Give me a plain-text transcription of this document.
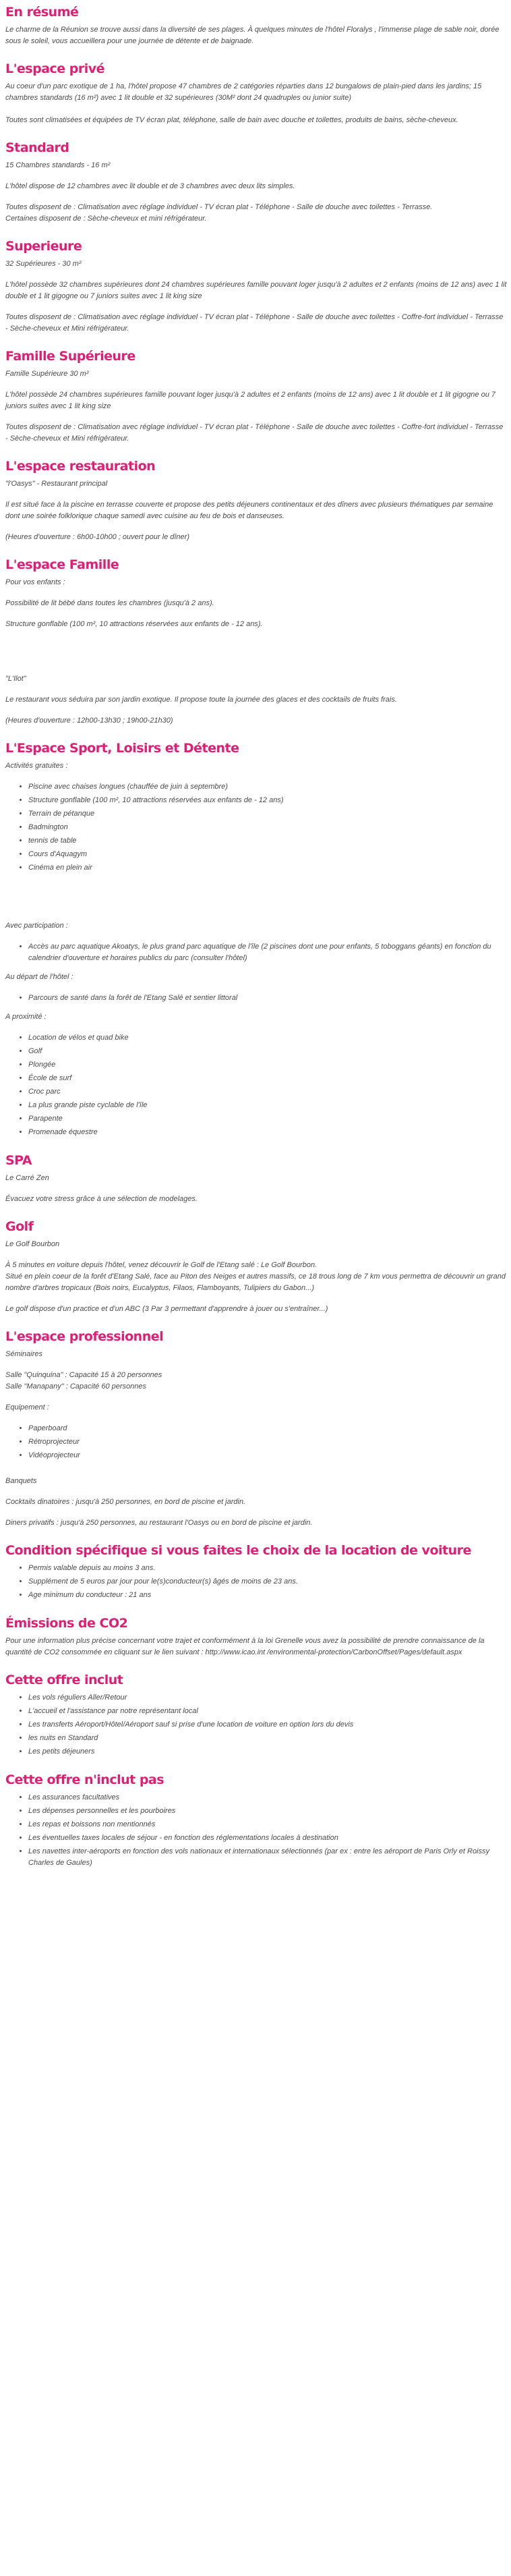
En résumé

Le charme de la Réunion se trouve aussi dans la diversité de ses plages. À quelques minutes de l'hôtel Floralys , l'immense plage de sable noir, dorée sous le soleil, vous accueillera pour une journée de détente et de baignade.

L'espace privé

Au coeur d'un parc exotique de 1 ha, l'hôtel propose 47 chambres de 2 catégories réparties dans 12 bungalows de plain-pied dans les jardins; 15 chambres standards (16 m²) avec 1 lit double et 32 supérieures (30M² dont 24 quadruples ou junior suite)

Toutes sont climatisées et équipées de TV écran plat, téléphone, salle de bain avec douche et toilettes, produits de bains, sèche-cheveux.

Standard

15 Chambres standards - 16 m²

L'hôtel dispose de 12 chambres avec lit double et de 3 chambres avec deux lits simples.

Toutes disposent de : Climatisation avec réglage individuel - TV écran plat - Téléphone - Salle de douche avec toilettes - Terrasse.

Certaines disposent de : Sèche-cheveux et mini réfrigérateur.

Superieure

32 Supérieures - 30 m²

L'hôtel possède 32 chambres supérieures dont 24 chambres supérieures famille pouvant loger jusqu'à 2 adultes et 2 enfants (moins de 12 ans) avec 1 lit double et 1 lit gigogne ou 7 juniors suites avec 1 lit king size

Toutes disposent de : Climatisation avec réglage individuel - TV écran plat - Téléphone - Salle de douche avec toilettes - Coffre-fort individuel - Terrasse - Sèche-cheveux et Mini réfrigérateur.

Famille Supérieure

Famille Supérieure 30 m²

L'hôtel possède 24 chambres supérieures famille pouvant loger jusqu'à 2 adultes et 2 enfants (moins de 12 ans) avec 1 lit double et 1 lit gigogne ou 7 juniors suites avec 1 lit king size

Toutes disposent de : Climatisation avec réglage individuel - TV écran plat - Téléphone - Salle de douche avec toilettes - Coffre-fort individuel - Terrasse - Sèche-cheveux et Mini réfrigérateur.

L'espace restauration

"l'Oasys" - Restaurant principal

Il est situé face à la piscine en terrasse couverte et propose des petits déjeuners continentaux et des dîners avec plusieurs thématiques par semaine dont une soirée folklorique chaque samedi avec cuisine au feu de bois et danseuses.

(Heures d'ouverture : 6h00-10h00 ; ouvert pour le dîner)

L'espace Famille

Pour vos enfants :

Possibilité de lit bébé dans toutes les chambres (jusqu'à 2 ans).

Structure gonflable (100 m², 10 attractions réservées aux enfants de - 12 ans).

"L'Ilot"

Le restaurant vous séduira par son jardin exotique. Il propose toute la journée des glaces et des cocktails de fruits frais.

(Heures d'ouverture : 12h00-13h30 ; 19h00-21h30)

L'Espace Sport, Loisirs et Détente

Activités gratuites :

• Piscine avec chaises longues (chauffée de juin à septembre)
• Structure gonflable (100 m², 10 attractions réservées aux enfants de - 12 ans)
• Terrain de pétanque
• Badmington
• tennis de table
• Cours d'Aquagym
• Cinéma en plein air

Avec participation :

• Accès au parc aquatique Akoatys, le plus grand parc aquatique de l'île (2 piscines dont une pour enfants, 5 toboggans géants) en fonction du calendrier d'ouverture et horaires publics du parc (consulter l'hôtel)

Au départ de l'hôtel :

• Parcours de santé dans la forêt de l'Etang Salé et sentier littoral

A proximité :

• Location de vélos et quad bike
• Golf
• Plongée
• École de surf
• Croc parc
• La plus grande piste cyclable de l'île
• Parapente
• Promenade équestre
SPA

Le Carré Zen

Évacuez votre stress grâce à une sélection de modelages.

Golf

Le Golf Bourbon

À 5 minutes en voiture depuis l'hôtel, venez découvrir le Golf de l'Etang salé : Le Golf Bourbon.

Situé en plein coeur de la forêt d'Etang Salé, face au Piton des Neiges et autres massifs, ce 18 trous long de 7 km vous permettra de découvrir un grand nombre d'arbres tropicaux (Bois noirs, Eucalyptus, Filaos, Flamboyants, Tulipiers du Gabon...)

Le golf dispose d'un practice et d'un ABC (3 Par 3 permettant d'apprendre à jouer ou s'entraîner...)

L'espace professionnel

Séminaires

Salle "Quinquina" : Capacité 15 à 20 personnes

Salle "Manapany" : Capacité 60 personnes

Equipement :

• Paperboard
• Rétroprojecteur
• Vidéoprojecteur

Banquets

Cocktails dinatoires : jusqu'à 250 personnes, en bord de piscine et jardin.

Diners privatifs : jusqu'à 250 personnes, au restaurant l'Oasys ou en bord de piscine et jardin.

Condition spécifique si vous faites le choix de la location de voiture
• Permis valable depuis au moins 3 ans.
• Supplément de 5 euros par jour pour le(s)conducteur(s) âgés de moins de 23 ans.
• Age minimum du conducteur : 21 ans
Émissions de CO2

Pour une information plus précise concernant votre trajet et conformément à la loi Grenelle vous avez la possibilité de prendre connaissance de la quantité de CO2 consommée en cliquant sur le lien suivant : http://www.icao.int /environmental-protection/CarbonOffset/Pages/default.aspx

Cette offre inclut
• Les vols réguliers Aller/Retour
• L'accueil et l'assistance par notre représentant local
• Les transferts Aéroport/Hôtel/Aéroport sauf si prise d'une location de voiture en option lors du devis
• les nuits en Standard
• Les petits déjeuners
Cette offre n'inclut pas
• Les assurances facultatives
• Les dépenses personnelles et les pourboires
• Les repas et boissons non mentionnés
• Les éventuelles taxes locales de séjour - en fonction des réglementations locales à destination
• Les navettes inter-aéroports en fonction des vols nationaux et internationaux sélectionnés (par ex : entre les aéroport de Paris Orly et Roissy Charles de Gaules)
